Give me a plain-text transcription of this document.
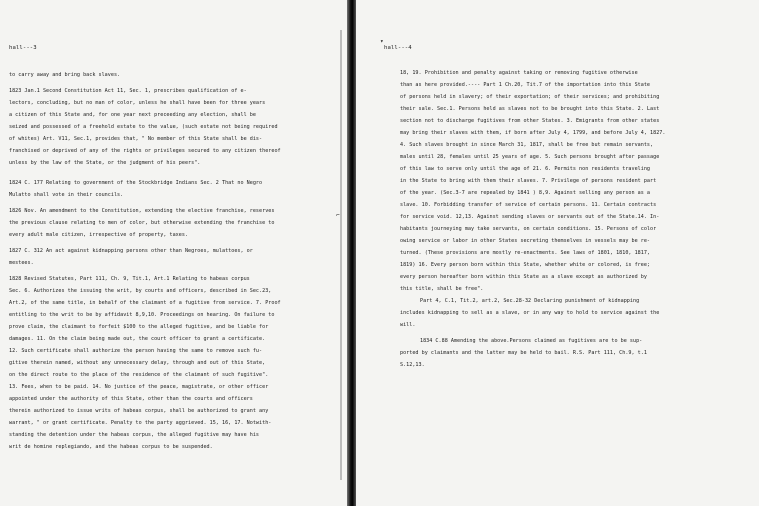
hall---3
⌐
to carry away and bring back slaves.
1823 Jan.1 Second Constitution Act 11, Sec. 1, prescribes qualification of e-
lectors, concluding, but no man of color, unless he shall have been for three years
a citizen of this State and, for one year next preceeding any election, shall be
seized and possessed of a freehold estate to the value, (such estate not being required
of whites) Art. V11, Sec.1, provides that, " No member of this State shall be dis-
franchised or deprived of any of the rights or privileges secured to any citizen thereof
unless by the law of the State, or the judgment of his peers".
1824 C. 177 Relating to government of the Stockbridge Indians Sec. 2 That no Negro
Mulatto shall vote in their councils.
1826 Nov. An amendment to the Constitution, extending the elective franchise, reserves
the previous clause relating to men of color, but otherwise extending the franchise to
every adult male citizen, irrespective of property, taxes.
1827 C. 312 An act against kidnapping persons other than Negroes, mulattoes, or
mestees.
1828 Revised Statutes, Part 111, Ch. 9, Tit.1, Art.1 Relating to habeas corpus
Sec. 6. Authorizes the issuing the writ, by courts and officers, described in Sec.23,
Art.2, of the same title, in behalf of the claimant of a fugitive from service. 7. Proof
entitling to the writ to be by affidavit 8,9,10. Proceedings on hearing. On failure to
prove claim, the claimant to forfeit $100 to the alleged fugitive, and be liable for
damages. 11. On the claim being made out, the court officer to grant a certificate.
12. Such certificate shall authorize the person having the same to remove such fu-
gitive therein named, without any unnecessary delay, through and out of this State,
on the direct route to the place of the residence of the claimant of such fugitive".
13. Fees, when to be paid. 14. No justice of the peace, magistrate, or other officer
appointed under the authority of this State, other than the courts and officers
therein authorized to issue writs of habeas corpus, shall be authorized to grant any
warrant, " or grant certificate. Penalty to the party aggrieved. 15, 16, 17. Notwith-
standing the detention under the habeas corpus, the alleged fugitive may have his
writ de homine replegiando, and the habeas corpus to be suspended.
▾
hall---4
18, 19. Prohibition and penalty against taking or removing fugitive otherwise
than as here provided.---- Part 1 Ch.20, Tit.7 of the importation into this State
of persons held in slavery; of their exportation; of their services; and prohibiting
their sale. Sec.1. Persons held as slaves not to be brought into this State. 2. Last
section not to discharge fugitives from other States. 3. Emigrants from other states
may bring their slaves with them, if born after July 4, 1799, and before July 4, 1827.
4. Such slaves brought in since March 31, 1817, shall be free but remain servants,
males until 28, females until 25 years of age. 5. Such persons brought after passage
of this law to serve only until the age of 21. 6. Permits non residents traveling
in the State to bring with them their slaves. 7. Privilege of persons resident part
of the year. (Sec.3-7 are repealed by 1841 ) 8,9. Against selling any person as a
slave. 10. Forbidding transfer of service of certain persons. 11. Certain contracts
for service void. 12,13. Against sending slaves or servants out of the State.14. In-
habitants journeying may take servants, on certain conditions. 15. Persons of color
owing service or labor in other States secreting themselves in vessels may be re-
turned. (These provisions are mostly re-enactments. See laws of 1801, 1810, 1817,
1819) 16. Every person born within this State, whether white or colored, is free;
every person hereafter born within this State as a slave except as authorized by
this title, shall be free".
Part 4, C.1, Tit.2, art.2, Sec.28-32 Declaring punishment of kidnapping
includes kidnapping to sell as a slave, or in any way to hold to service against the
will.
1834 C.88 Amending the above.Persons claimed as fugitives are to be sup-
ported by claimants and the latter may be held to bail. R.S. Part 111, Ch.9, t.1
S.12,13.
